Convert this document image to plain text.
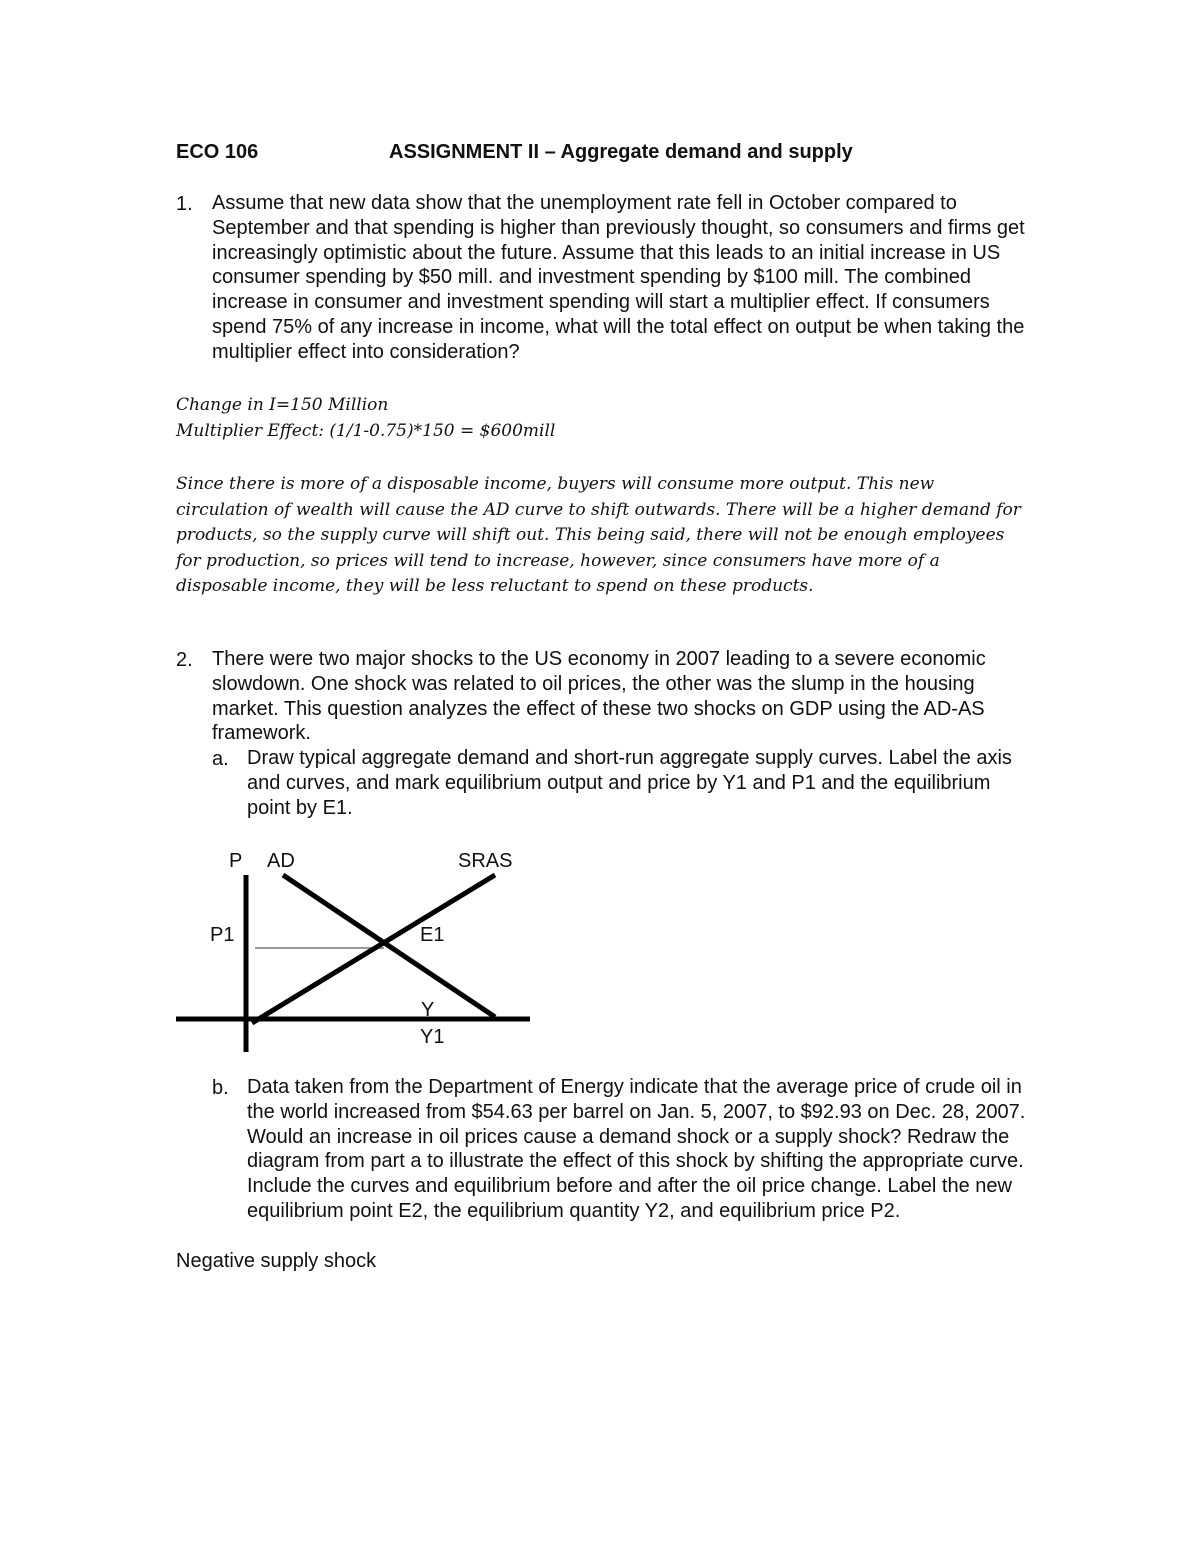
ECO 106	ASSIGNMENT II – Aggregate demand and supply
1. Assume that new data show that the unemployment rate fell in October compared to September and that spending is higher than previously thought, so consumers and firms get increasingly optimistic about the future. Assume that this leads to an initial increase in US consumer spending by $50 mill. and investment spending by $100 mill. The combined increase in consumer and investment spending will start a multiplier effect. If consumers spend 75% of any increase in income, what will the total effect on output be when taking the multiplier effect into consideration?

Change in I=150 Million

Multiplier Effect: (1/1-0.75)*150 = $600mill

Since there is more of a disposable income, buyers will consume more output. This new circulation of wealth will cause the AD curve to shift outwards. There will be a higher demand for products, so the supply curve will shift out. This being said, there will not be enough employees for production, so prices will tend to increase, however, since consumers have more of a disposable income, they will be less reluctant to spend on these products.

2. There were two major shocks to the US economy in 2007 leading to a severe economic slowdown. One shock was related to oil prices, the other was the slump in the housing market. This question analyzes the effect of these two shocks on GDP using the AD-AS framework.

a. Draw typical aggregate demand and short-run aggregate supply curves. Label the axis and curves, and mark equilibrium output and price by Y1 and P1 and the equilibrium point by E1.

P AD	SRAS
P1	E1
Y
Y1
b. Data taken from the Department of Energy indicate that the average price of crude oil in the world increased from $54.63 per barrel on Jan. 5, 2007, to $92.93 on Dec. 28, 2007. Would an increase in oil prices cause a demand shock or a supply shock? Redraw the diagram from part a to illustrate the effect of this shock by shifting the appropriate curve. Include the curves and equilibrium before and after the oil price change. Label the new equilibrium point E2, the equilibrium quantity Y2, and equilibrium price P2.

Negative supply shock
